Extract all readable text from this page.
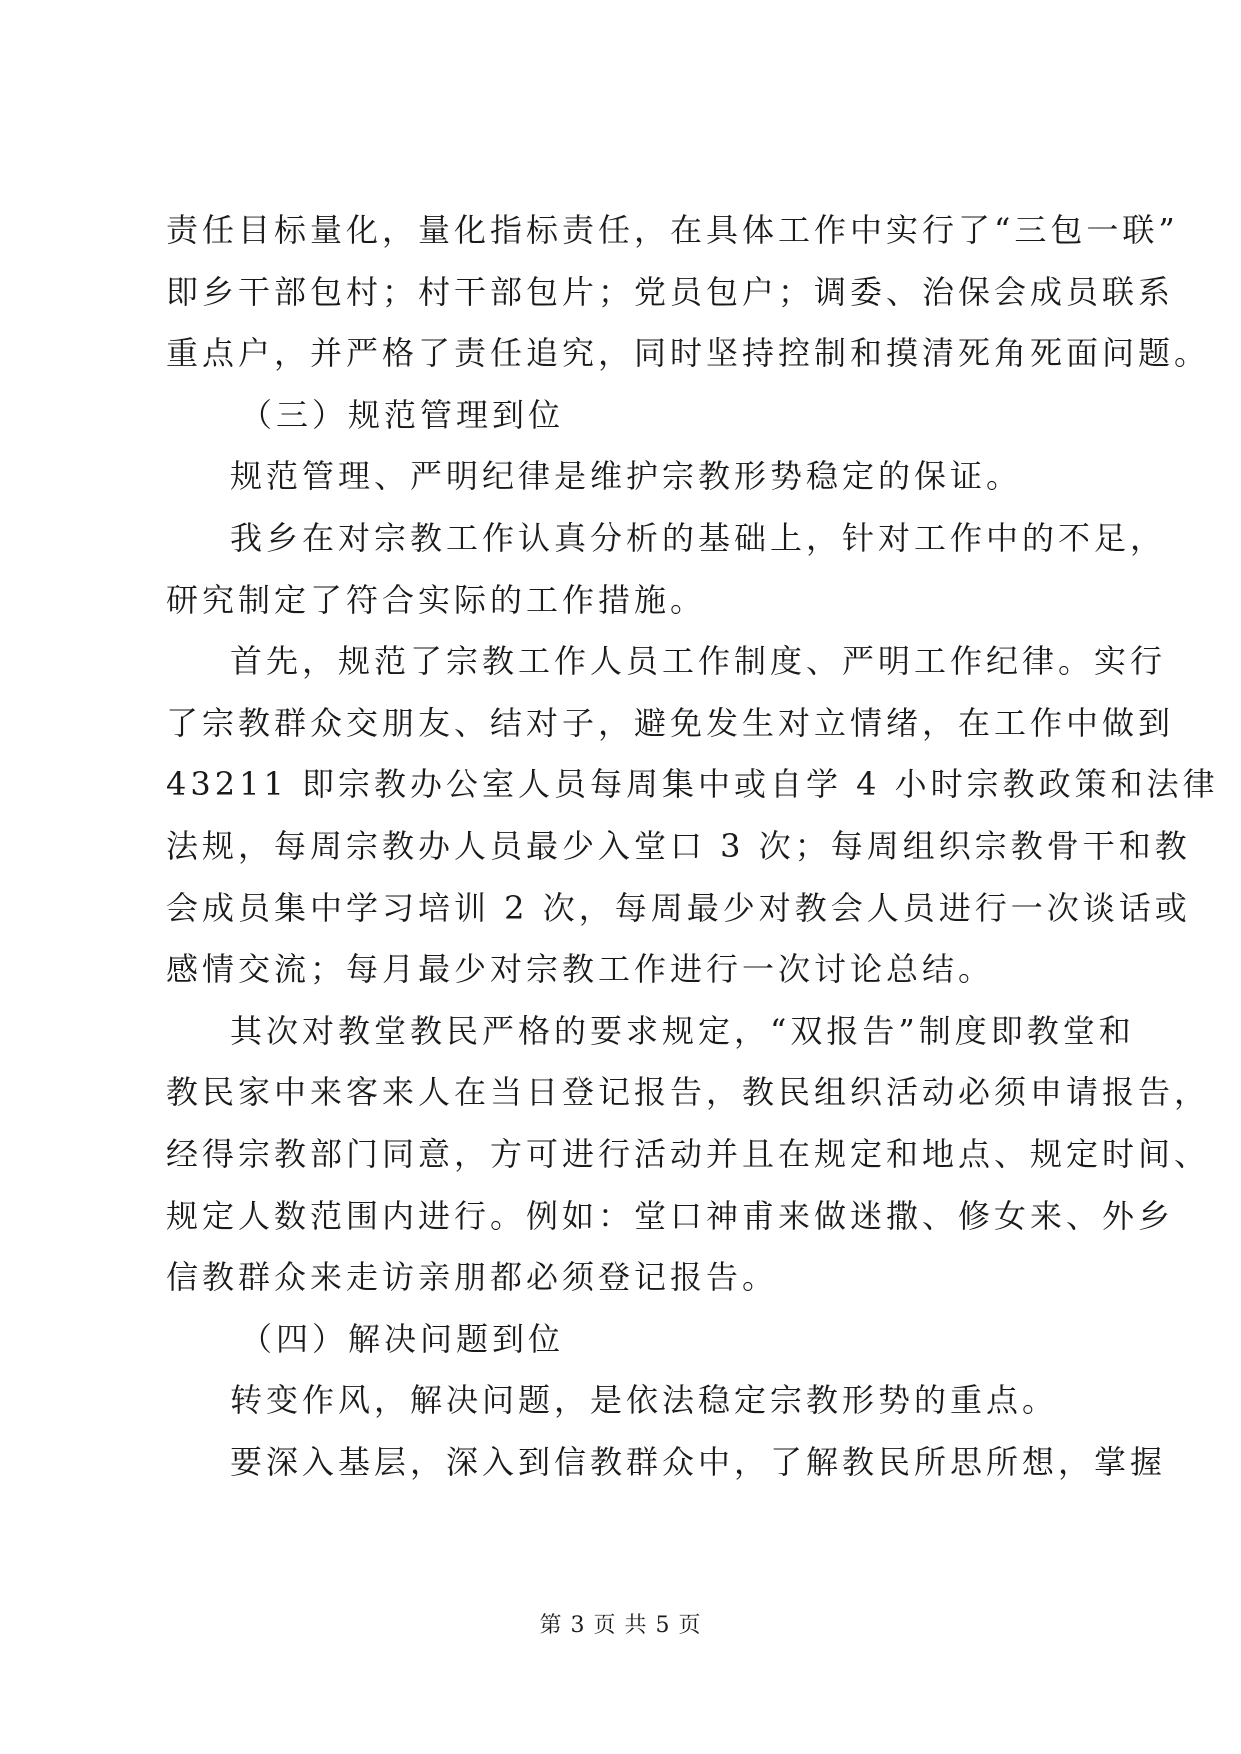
责任目标量化，量化指标责任，在具体工作中实行了“三包一联”
即乡干部包村；村干部包片；党员包户；调委、治保会成员联系
重点户，并严格了责任追究，同时坚持控制和摸清死角死面问题。
（三）规范管理到位
规范管理、严明纪律是维护宗教形势稳定的保证。
我乡在对宗教工作认真分析的基础上，针对工作中的不足，
研究制定了符合实际的工作措施。
首先，规范了宗教工作人员工作制度、严明工作纪律。实行
了宗教群众交朋友、结对子，避免发生对立情绪，在工作中做到
43211 即宗教办公室人员每周集中或自学 4 小时宗教政策和法律
法规，每周宗教办人员最少入堂口 3 次；每周组织宗教骨干和教
会成员集中学习培训 2 次，每周最少对教会人员进行一次谈话或
感情交流；每月最少对宗教工作进行一次讨论总结。
其次对教堂教民严格的要求规定，“双报告”制度即教堂和
教民家中来客来人在当日登记报告，教民组织活动必须申请报告，
经得宗教部门同意，方可进行活动并且在规定和地点、规定时间、
规定人数范围内进行。例如：堂口神甫来做迷撒、修女来、外乡
信教群众来走访亲朋都必须登记报告。
（四）解决问题到位
转变作风，解决问题，是依法稳定宗教形势的重点。
要深入基层，深入到信教群众中，了解教民所思所想，掌握
第 3 页 共 5 页
